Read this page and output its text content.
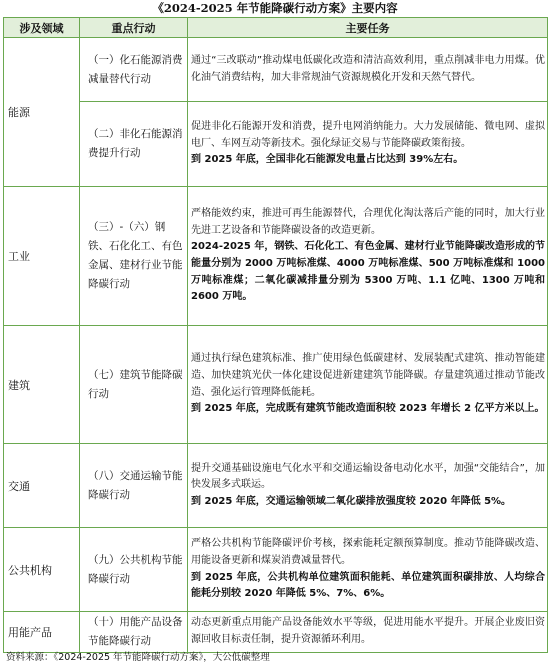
《2024-2025 年节能降碳行动方案》主要内容
涉及领域	重点行动	主要任务
能源	（一）化石能源消费减量替代行动	通过“三改联动”推动煤电低碳化改造和清洁高效利用，重点削减非电力用煤。优化油气消费结构，加大非常规油气资源规模化开发和天然气替代。

	（二）非化石能源消费提升行动	促进非化石能源开发和消费，提升电网消纳能力。大力发展储能、微电网、虚拟电厂、车网互动等新技术。强化绿证交易与节能降碳政策衔接。
到 2025 年底，全国非化石能源发电量占比达到 39%左右。

工业	（三）-（六）钢铁、石化化工、有色金属、建材行业节能降碳行动	严格能效约束，推进可再生能源替代，合理优化淘汰落后产能的同时，加大行业先进工艺设备和节能降碳设备的改造更新。
2024-2025 年，钢铁、石化化工、有色金属、建材行业节能降碳改造形成的节能量分别为 2000 万吨标准煤、4000 万吨标准煤、500 万吨标准煤和 1000 万吨标准煤；二氧化碳减排量分别为 5300 万吨、1.1 亿吨、1300 万吨和 2600 万吨。

建筑	（七）建筑节能降碳行动	通过执行绿色建筑标准、推广使用绿色低碳建材、发展装配式建筑、推动智能建造、加快建筑光伏一体化建设促进新建建筑节能降碳。存量建筑通过推动节能改造、强化运行管理降低能耗。
到 2025 年底，完成既有建筑节能改造面积较 2023 年增长 2 亿平方米以上。

交通	（八）交通运输节能降碳行动	提升交通基础设施电气化水平和交通运输设备电动化水平，加强“交能结合”，加快发展多式联运。
到 2025 年底，交通运输领域二氧化碳排放强度较 2020 年降低 5%。

公共机构	（九）公共机构节能降碳行动	严格公共机构节能降碳评价考核，探索能耗定额预算制度。推动节能降碳改造、用能设备更新和煤炭消费减量替代。
到 2025 年底，公共机构单位建筑面积能耗、单位建筑面积碳排放、人均综合能耗分别较 2020 年降低 5%、7%、6%。

用能产品	（十）用能产品设备节能降碳行动	动态更新重点用能产品设备能效水平等级，促进用能水平提升。开展企业废旧资源回收目标责任制，提升资源循环利用。
资料来源：《2024-2025 年节能降碳行动方案》，大公低碳整理
